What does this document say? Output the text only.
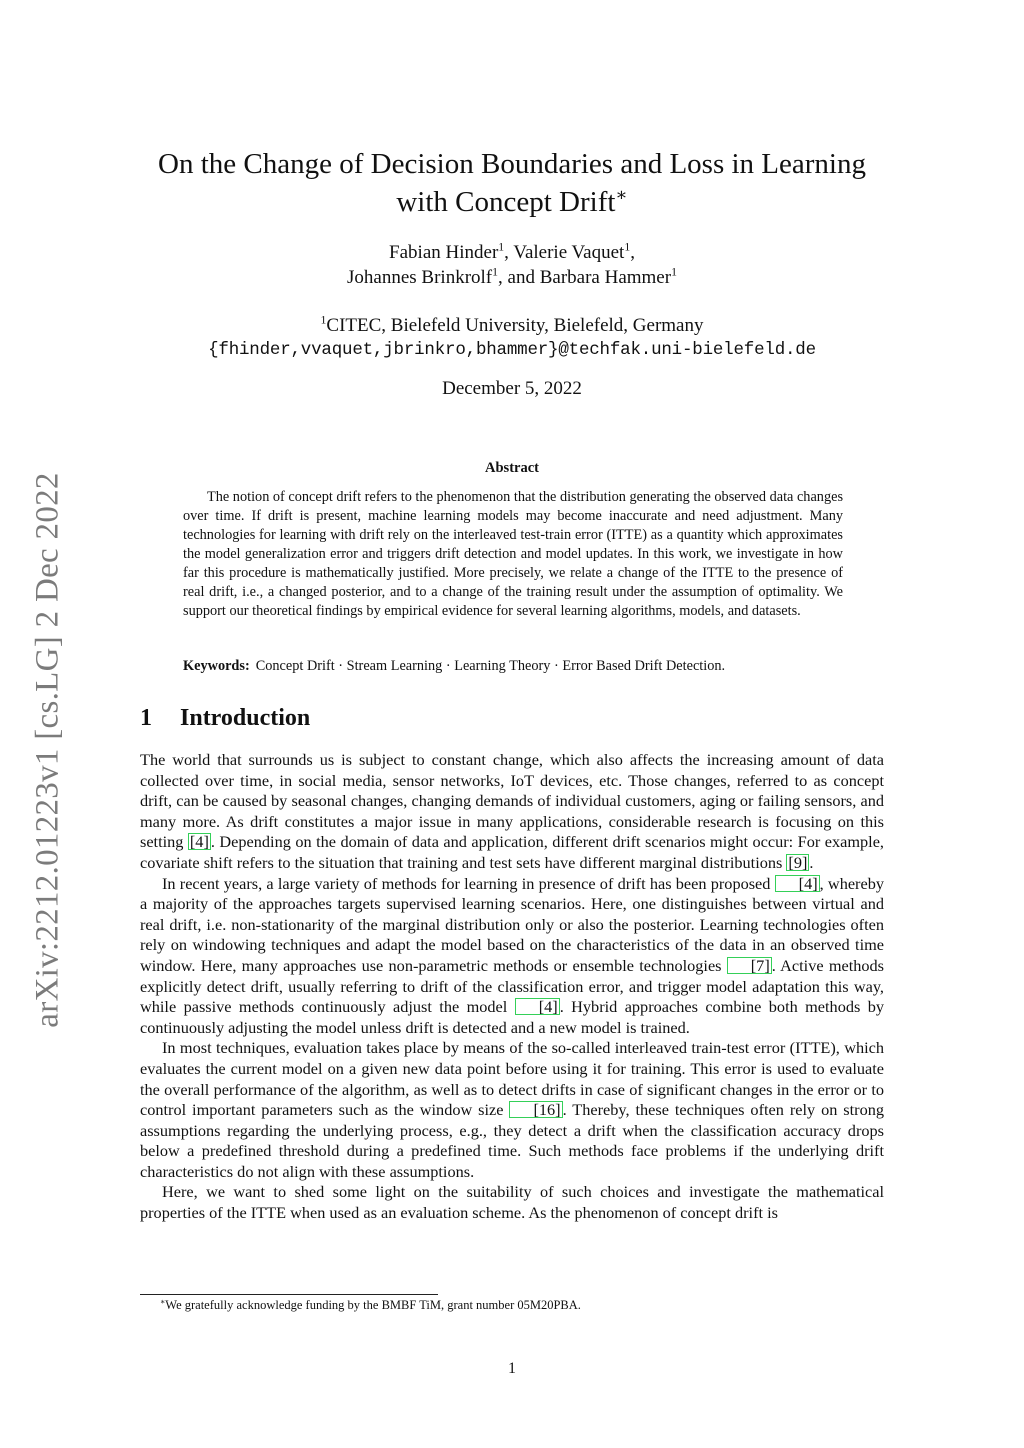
arXiv:2212.01223v1 [cs.LG] 2 Dec 2022
On the Change of Decision Boundaries and Loss in Learning
with Concept Drift∗
Fabian Hinder$^1$, Valerie Vaquet$^1$,
Johannes Brinkrolf$^1$, and Barbara Hammer$^1$
$^1$CITEC, Bielefeld University, Bielefeld, Germany
{fhinder,vvaquet,jbrinkro,bhammer}@techfak.uni-bielefeld.de
December 5, 2022
Abstract

The notion of concept drift refers to the phenomenon that the distribution generating the observed data changes over time. If drift is present, machine learning models may become inaccurate and need adjustment. Many technologies for learning with drift rely on the interleaved test-train error (ITTE) as a quantity which approximates the model generalization error and triggers drift detection and model updates. In this work, we investigate in how far this procedure is mathematically justified. More precisely, we relate a change of the ITTE to the presence of real drift, i.e., a changed posterior, and to a change of the training result under the assumption of optimality. We support our theoretical findings by empirical evidence for several learning algorithms, models, and datasets.

Keywords: Concept Drift · Stream Learning · Learning Theory · Error Based Drift Detection.

1 Introduction

The world that surrounds us is subject to constant change, which also affects the increasing amount of data collected over time, in social media, sensor networks, IoT devices, etc. Those changes, referred to as concept drift, can be caused by seasonal changes, changing demands of individual customers, aging or failing sensors, and many more. As drift constitutes a major issue in many applications, considerable research is focusing on this setting [4] . Depending on the domain of data and application, different drift scenarios might occur: For example, covariate shift refers to the situation that training and test sets have different marginal distributions [9] .

In recent years, a large variety of methods for learning in presence of drift has been proposed [4] , whereby a majority of the approaches targets supervised learning scenarios. Here, one distinguishes between virtual and real drift, i.e. non-stationarity of the marginal distribution only or also the posterior. Learning technologies often rely on windowing techniques and adapt the model based on the characteristics of the data in an observed time window. Here, many approaches use non-parametric methods or ensemble technologies [7] . Active methods explicitly detect drift, usually referring to drift of the classification error, and trigger model adaptation this way, while passive methods continuously adjust the model [4] . Hybrid approaches combine both methods by continuously adjusting the model unless drift is detected and a new model is trained.

In most techniques, evaluation takes place by means of the so-called interleaved train-test error (ITTE), which evaluates the current model on a given new data point before using it for training. This error is used to evaluate the overall performance of the algorithm, as well as to detect drifts in case of significant changes in the error or to control important parameters such as the window size [16] . Thereby, these techniques often rely on strong assumptions regarding the underlying process, e.g., they detect a drift when the classification accuracy drops below a predefined threshold during a predefined time. Such methods face problems if the underlying drift characteristics do not align with these assumptions.

Here, we want to shed some light on the suitability of such choices and investigate the mathematical properties of the ITTE when used as an evaluation scheme. As the phenomenon of concept drift is

∗We gratefully acknowledge funding by the BMBF TiM, grant number 05M20PBA.

1
